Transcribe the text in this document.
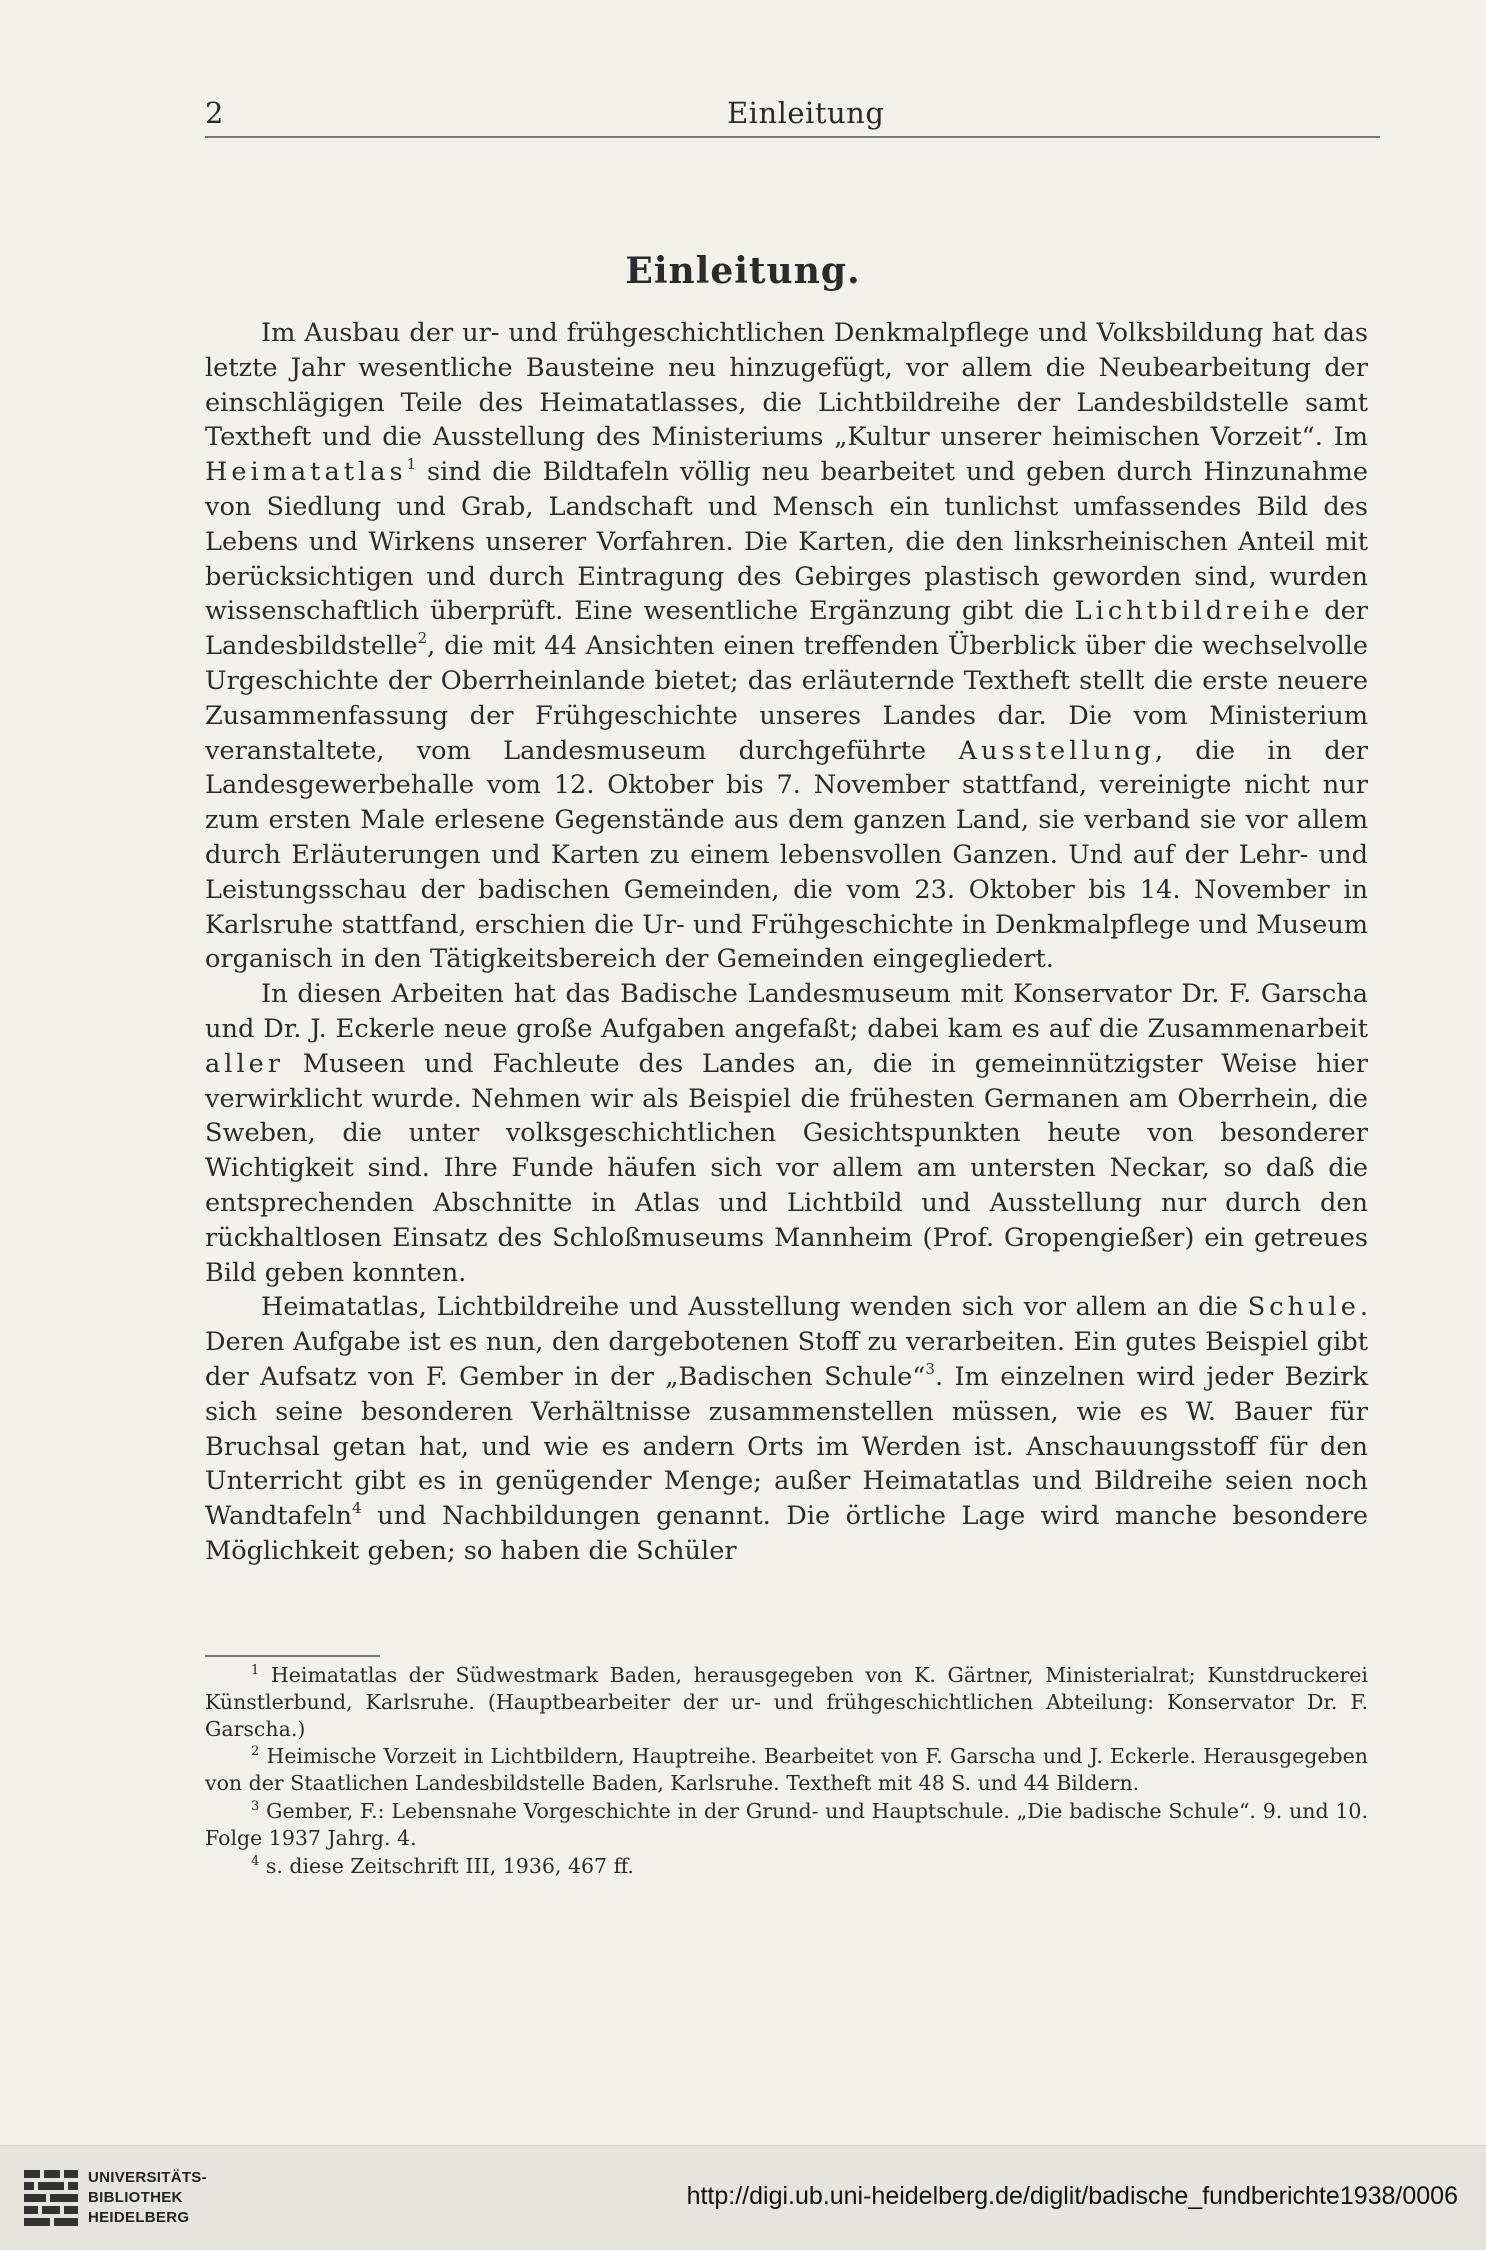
2	Einleitung
Einleitung.

Im Ausbau der ur- und frühgeschichtlichen Denkmalpflege und Volksbildung hat das letzte Jahr wesentliche Bausteine neu hinzugefügt, vor allem die Neubearbeitung der einschlägigen Teile des Heimatatlasses, die Lichtbildreihe der Landesbildstelle samt Textheft und die Ausstellung des Ministeriums „Kultur unserer heimischen Vorzeit“. Im Heimatatlas$^1$ sind die Bildtafeln völlig neu bearbeitet und geben durch Hinzunahme von Siedlung und Grab, Landschaft und Mensch ein tunlichst umfassendes Bild des Lebens und Wirkens unserer Vorfahren. Die Karten, die den linksrheinischen Anteil mit berücksichtigen und durch Eintragung des Gebirges plastisch geworden sind, wurden wissenschaftlich überprüft. Eine wesentliche Ergänzung gibt die Lichtbildreihe der Landesbildstelle$^2$, die mit 44 Ansichten einen treffenden Überblick über die wechselvolle Urgeschichte der Oberrheinlande bietet; das erläuternde Textheft stellt die erste neuere Zusammenfassung der Frühgeschichte unseres Landes dar. Die vom Ministerium veranstaltete, vom Landesmuseum durchgeführte Ausstellung, die in der Landesgewerbehalle vom 12. Oktober bis 7. November stattfand, vereinigte nicht nur zum ersten Male erlesene Gegenstände aus dem ganzen Land, sie verband sie vor allem durch Erläuterungen und Karten zu einem lebensvollen Ganzen. Und auf der Lehr- und Leistungsschau der badischen Gemeinden, die vom 23. Oktober bis 14. November in Karlsruhe stattfand, erschien die Ur- und Frühgeschichte in Denkmalpflege und Museum organisch in den Tätigkeitsbereich der Gemeinden eingegliedert.

In diesen Arbeiten hat das Badische Landesmuseum mit Konservator Dr. F. Garscha und Dr. J. Eckerle neue große Aufgaben angefaßt; dabei kam es auf die Zusammenarbeit aller Museen und Fachleute des Landes an, die in gemeinnützigster Weise hier verwirklicht wurde. Nehmen wir als Beispiel die frühesten Germanen am Oberrhein, die Sweben, die unter volksgeschichtlichen Gesichtspunkten heute von besonderer Wichtigkeit sind. Ihre Funde häufen sich vor allem am untersten Neckar, so daß die entsprechenden Abschnitte in Atlas und Lichtbild und Ausstellung nur durch den rückhaltlosen Einsatz des Schloßmuseums Mannheim (Prof. Gropengießer) ein getreues Bild geben konnten.

Heimatatlas, Lichtbildreihe und Ausstellung wenden sich vor allem an die Schule. Deren Aufgabe ist es nun, den dargebotenen Stoff zu verarbeiten. Ein gutes Beispiel gibt der Aufsatz von F. Gember in der „Badischen Schule“$^3$. Im einzelnen wird jeder Bezirk sich seine besonderen Verhältnisse zusammenstellen müssen, wie es W. Bauer für Bruchsal getan hat, und wie es andern Orts im Werden ist. Anschauungsstoff für den Unterricht gibt es in genügender Menge; außer Heimatatlas und Bildreihe seien noch Wandtafeln$^4$ und Nachbildungen genannt. Die örtliche Lage wird manche besondere Möglichkeit geben; so haben die Schüler

$^1$ Heimatatlas der Südwestmark Baden, herausgegeben von K. Gärtner, Ministerialrat; Kunstdruckerei Künstlerbund, Karlsruhe. (Hauptbearbeiter der ur- und frühgeschichtlichen Abteilung: Konservator Dr. F. Garscha.)

$^2$ Heimische Vorzeit in Lichtbildern, Hauptreihe. Bearbeitet von F. Garscha und J. Eckerle. Herausgegeben von der Staatlichen Landesbildstelle Baden, Karlsruhe. Textheft mit 48 S. und 44 Bildern.

$^3$ Gember, F.: Lebensnahe Vorgeschichte in der Grund- und Hauptschule. „Die badische Schule“. 9. und 10. Folge 1937 Jahrg. 4.

$^4$ s. diese Zeitschrift III, 1936, 467 ff.

UNIVERSITÄTS-
BIBLIOTHEK
HEIDELBERG
http://digi.ub.uni-heidelberg.de/diglit/badische_fundberichte1938/0006
